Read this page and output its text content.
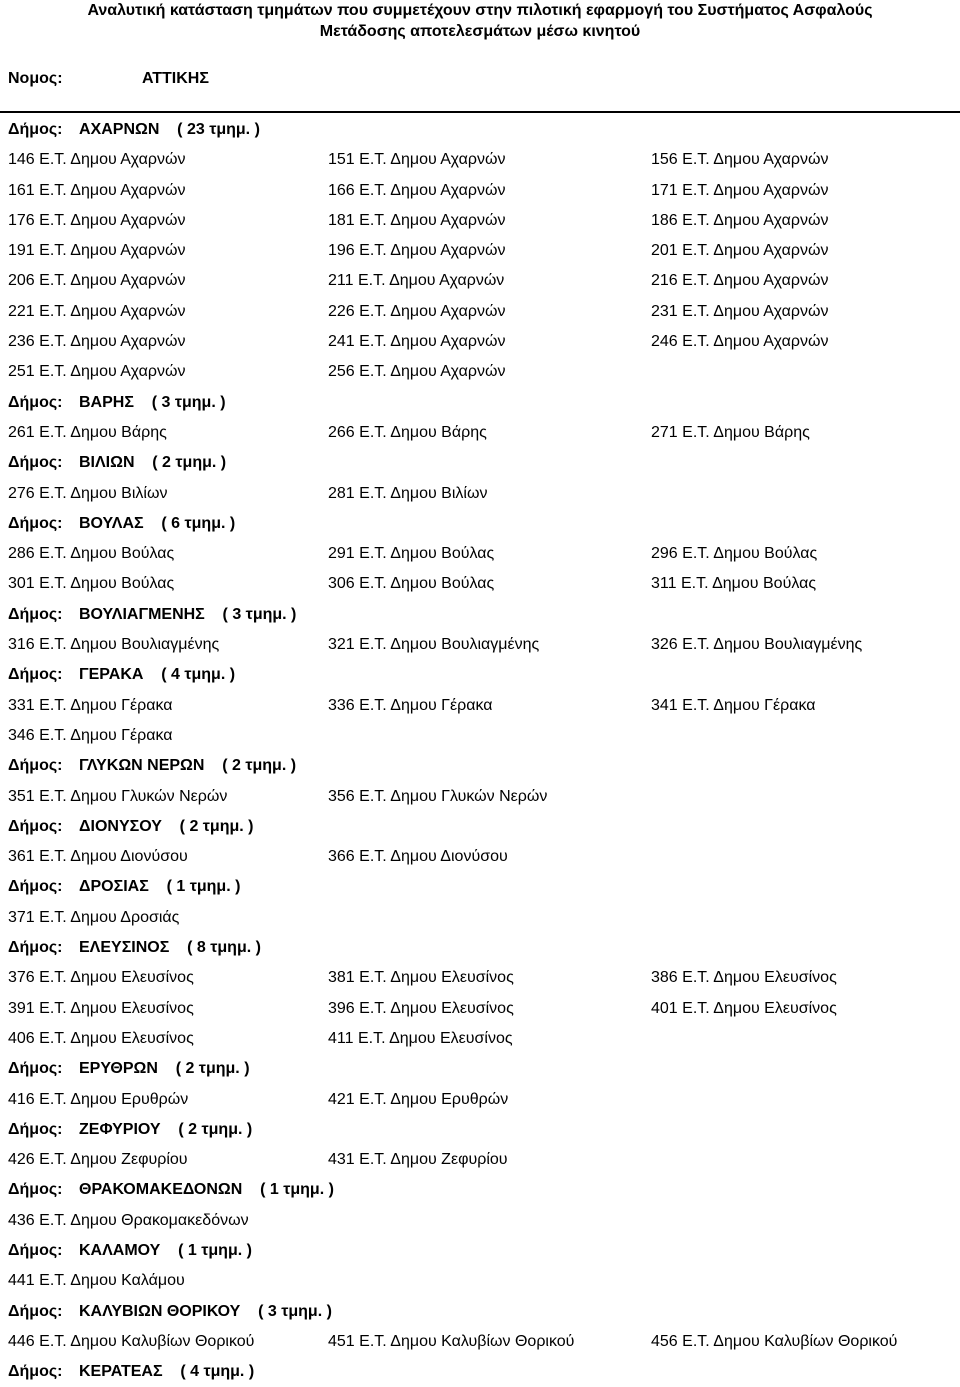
Αναλυτική κατάσταση τμημάτων που συμμετέχουν στην πιλοτική εφαρμογή του Συστήματος Ασφαλούς
Μετάδοσης αποτελεσμάτων μέσω κινητού
Νομος:	ΑΤΤΙΚΗΣ
Δήμος: ΑΧΑΡΝΩΝ    ( 23 τμημ. )
146 Ε.Τ. Δημου Αχαρνών	151 Ε.Τ. Δημου Αχαρνών	156 Ε.Τ. Δημου Αχαρνών
161 Ε.Τ. Δημου Αχαρνών	166 Ε.Τ. Δημου Αχαρνών	171 Ε.Τ. Δημου Αχαρνών
176 Ε.Τ. Δημου Αχαρνών	181 Ε.Τ. Δημου Αχαρνών	186 Ε.Τ. Δημου Αχαρνών
191 Ε.Τ. Δημου Αχαρνών	196 Ε.Τ. Δημου Αχαρνών	201 Ε.Τ. Δημου Αχαρνών
206 Ε.Τ. Δημου Αχαρνών	211 Ε.Τ. Δημου Αχαρνών	216 Ε.Τ. Δημου Αχαρνών
221 Ε.Τ. Δημου Αχαρνών	226 Ε.Τ. Δημου Αχαρνών	231 Ε.Τ. Δημου Αχαρνών
236 Ε.Τ. Δημου Αχαρνών	241 Ε.Τ. Δημου Αχαρνών	246 Ε.Τ. Δημου Αχαρνών
251 Ε.Τ. Δημου Αχαρνών	256 Ε.Τ. Δημου Αχαρνών
Δήμος: ΒΑΡΗΣ    ( 3 τμημ. )
261 Ε.Τ. Δημου Βάρης	266 Ε.Τ. Δημου Βάρης	271 Ε.Τ. Δημου Βάρης
Δήμος: ΒΙΛΙΩΝ    ( 2 τμημ. )
276 Ε.Τ. Δημου Βιλίων	281 Ε.Τ. Δημου Βιλίων
Δήμος: ΒΟΥΛΑΣ    ( 6 τμημ. )
286 Ε.Τ. Δημου Βούλας	291 Ε.Τ. Δημου Βούλας	296 Ε.Τ. Δημου Βούλας
301 Ε.Τ. Δημου Βούλας	306 Ε.Τ. Δημου Βούλας	311 Ε.Τ. Δημου Βούλας
Δήμος: ΒΟΥΛΙΑΓΜΕΝΗΣ    ( 3 τμημ. )
316 Ε.Τ. Δημου Βουλιαγμένης	321 Ε.Τ. Δημου Βουλιαγμένης	326 Ε.Τ. Δημου Βουλιαγμένης
Δήμος: ΓΕΡΑΚΑ    ( 4 τμημ. )
331 Ε.Τ. Δημου Γέρακα	336 Ε.Τ. Δημου Γέρακα	341 Ε.Τ. Δημου Γέρακα
346 Ε.Τ. Δημου Γέρακα
Δήμος: ΓΛΥΚΩΝ ΝΕΡΩΝ    ( 2 τμημ. )
351 Ε.Τ. Δημου Γλυκών Νερών	356 Ε.Τ. Δημου Γλυκών Νερών
Δήμος: ΔΙΟΝΥΣΟΥ    ( 2 τμημ. )
361 Ε.Τ. Δημου Διονύσου	366 Ε.Τ. Δημου Διονύσου
Δήμος: ΔΡΟΣΙΑΣ    ( 1 τμημ. )
371 Ε.Τ. Δημου Δροσιάς
Δήμος: ΕΛΕΥΣΙΝΟΣ    ( 8 τμημ. )
376 Ε.Τ. Δημου Ελευσίνος	381 Ε.Τ. Δημου Ελευσίνος	386 Ε.Τ. Δημου Ελευσίνος
391 Ε.Τ. Δημου Ελευσίνος	396 Ε.Τ. Δημου Ελευσίνος	401 Ε.Τ. Δημου Ελευσίνος
406 Ε.Τ. Δημου Ελευσίνος	411 Ε.Τ. Δημου Ελευσίνος
Δήμος: ΕΡΥΘΡΩΝ    ( 2 τμημ. )
416 Ε.Τ. Δημου Ερυθρών	421 Ε.Τ. Δημου Ερυθρών
Δήμος: ΖΕΦΥΡΙΟΥ    ( 2 τμημ. )
426 Ε.Τ. Δημου Ζεφυρίου	431 Ε.Τ. Δημου Ζεφυρίου
Δήμος: ΘΡΑΚΟΜΑΚΕΔΟΝΩΝ    ( 1 τμημ. )
436 Ε.Τ. Δημου Θρακομακεδόνων
Δήμος: ΚΑΛΑΜΟΥ    ( 1 τμημ. )
441 Ε.Τ. Δημου Καλάμου
Δήμος: ΚΑΛΥΒΙΩΝ ΘΟΡΙΚΟΥ    ( 3 τμημ. )
446 Ε.Τ. Δημου Καλυβίων Θορικού	451 Ε.Τ. Δημου Καλυβίων Θορικού	456 Ε.Τ. Δημου Καλυβίων Θορικού
Δήμος: ΚΕΡΑΤΕΑΣ    ( 4 τμημ. )
